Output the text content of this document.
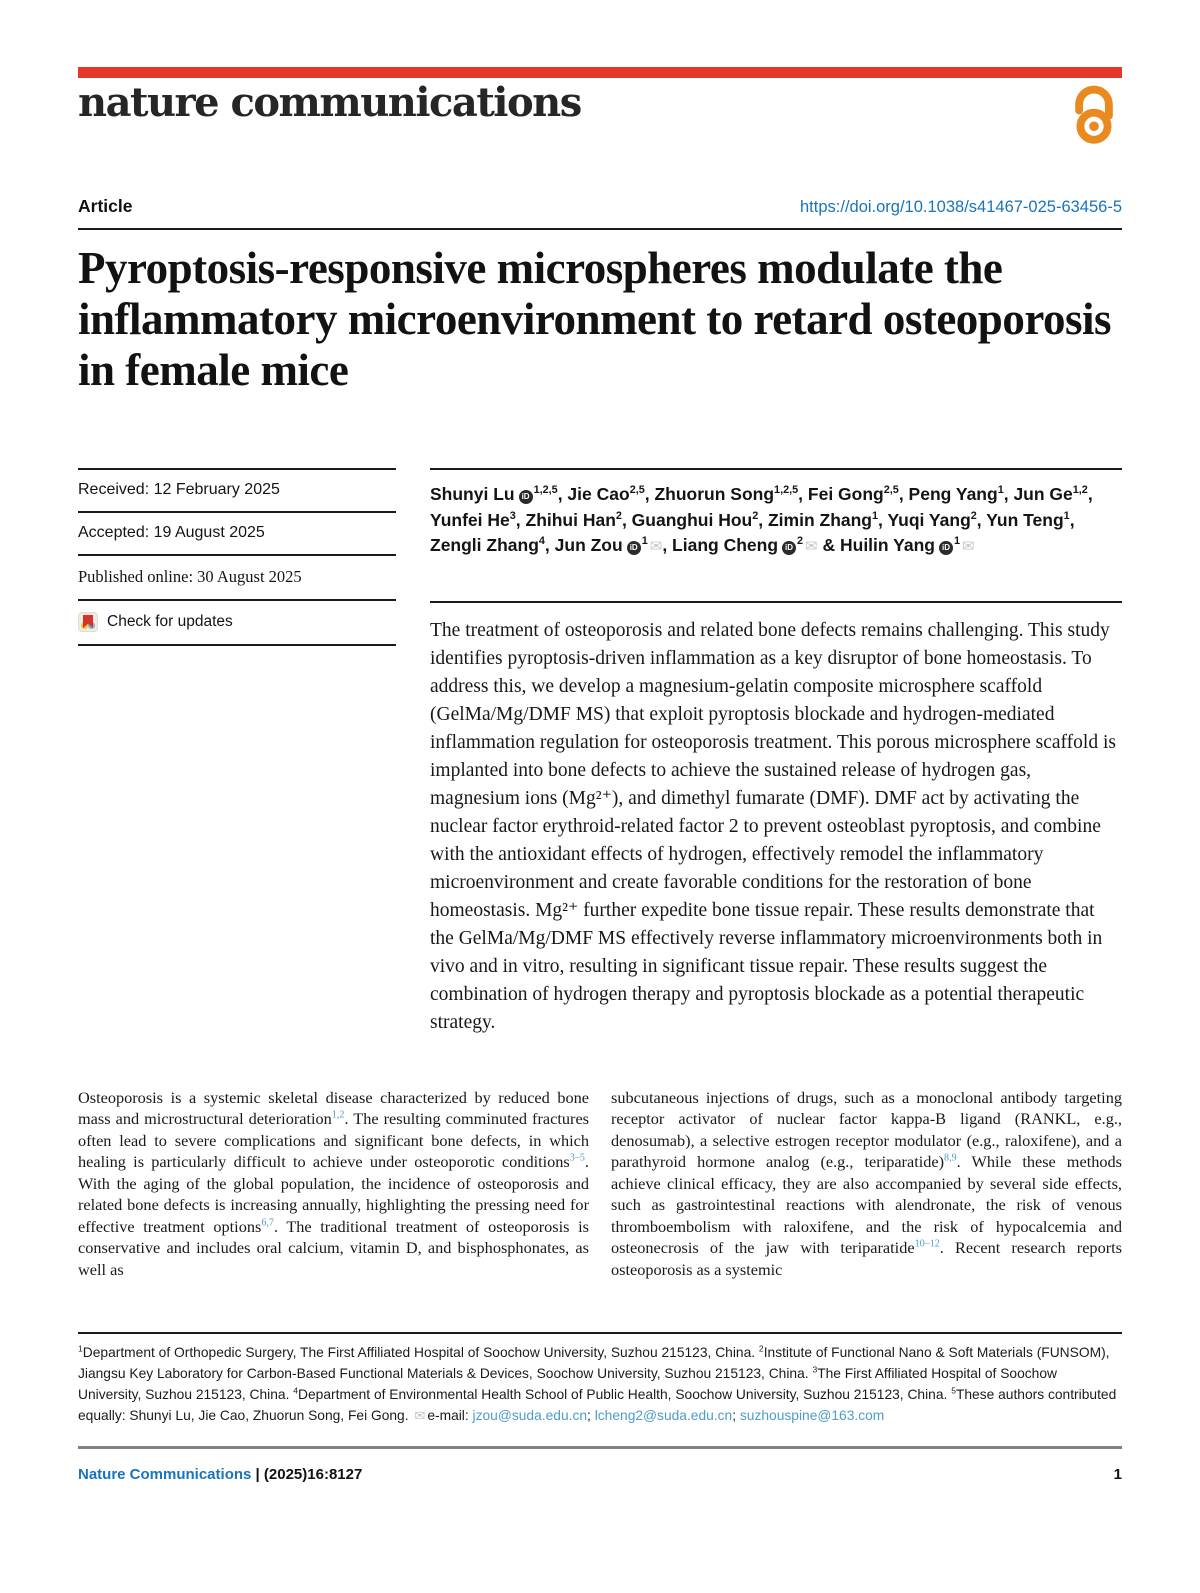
nature communications
Article	https://doi.org/10.1038/s41467-025-63456-5
Pyroptosis-responsive microspheres modulate the inflammatory microenvironment to retard osteoporosis in female mice
Received: 12 February 2025
Accepted: 19 August 2025
Published online: 30 August 2025
Check for updates

Shunyi Lu iD$^{1,2,5}$, Jie Cao$^{2,5}$, Zhuorun Song$^{1,2,5}$, Fei Gong$^{2,5}$, Peng Yang$^1$, Jun Ge$^{1,2}$, Yunfei He$^3$, Zhihui Han$^2$, Guanghui Hou$^2$, Zimin Zhang$^1$, Yuqi Yang$^2$, Yun Teng$^1$, Zengli Zhang$^4$, Jun Zou $iD^1$ ✉, Liang Cheng $iD^2$ ✉ & Huilin Yang $iD^1$ ✉

The treatment of osteoporosis and related bone defects remains challenging. This study identifies pyroptosis-driven inflammation as a key disruptor of bone homeostasis. To address this, we develop a magnesium-gelatin composite microsphere scaffold (GelMa/Mg/DMF MS) that exploit pyroptosis blockade and hydrogen-mediated inflammation regulation for osteoporosis treatment. This porous microsphere scaffold is implanted into bone defects to achieve the sustained release of hydrogen gas, magnesium ions (Mg²⁺), and dimethyl fumarate (DMF). DMF act by activating the nuclear factor erythroid-related factor 2 to prevent osteoblast pyroptosis, and combine with the antioxidant effects of hydrogen, effectively remodel the inflammatory microenvironment and create favorable conditions for the restoration of bone homeostasis. Mg²⁺ further expedite bone tissue repair. These results demonstrate that the GelMa/Mg/DMF MS effectively reverse inflammatory microenvironments both in vivo and in vitro, resulting in significant tissue repair. These results suggest the combination of hydrogen therapy and pyroptosis blockade as a potential therapeutic strategy.

Osteoporosis is a systemic skeletal disease characterized by reduced bone mass and microstructural deterioration$^{1,2}$. The resulting comminuted fractures often lead to severe complications and significant bone defects, in which healing is particularly difficult to achieve under osteoporotic conditions$^{3-5}$. With the aging of the global population, the incidence of osteoporosis and related bone defects is increasing annually, highlighting the pressing need for effective treatment options$^{6,7}$. The traditional treatment of osteoporosis is conservative and includes oral calcium, vitamin D, and bisphosphonates, as well as

subcutaneous injections of drugs, such as a monoclonal antibody targeting receptor activator of nuclear factor kappa-B ligand (RANKL, e.g., denosumab), a selective estrogen receptor modulator (e.g., raloxifene), and a parathyroid hormone analog (e.g., teriparatide)$^{8,9}$. While these methods achieve clinical efficacy, they are also accompanied by several side effects, such as gastrointestinal reactions with alendronate, the risk of venous thromboembolism with raloxifene, and the risk of hypocalcemia and osteonecrosis of the jaw with teriparatide$^{10-12}$. Recent research reports osteoporosis as a systemic

$^1$Department of Orthopedic Surgery, The First Affiliated Hospital of Soochow University, Suzhou 215123, China. $^2$Institute of Functional Nano & Soft Materials (FUNSOM), Jiangsu Key Laboratory for Carbon-Based Functional Materials & Devices, Soochow University, Suzhou 215123, China. $^3$The First Affiliated Hospital of Soochow University, Suzhou 215123, China. $^4$Department of Environmental Health School of Public Health, Soochow University, Suzhou 215123, China. $^5$These authors contributed equally: Shunyi Lu, Jie Cao, Zhuorun Song, Fei Gong. ✉ e-mail: jzou@suda.edu.cn; lcheng2@suda.edu.cn; suzhouspine@163.com
Nature Communications | (2025)16:8127	1
